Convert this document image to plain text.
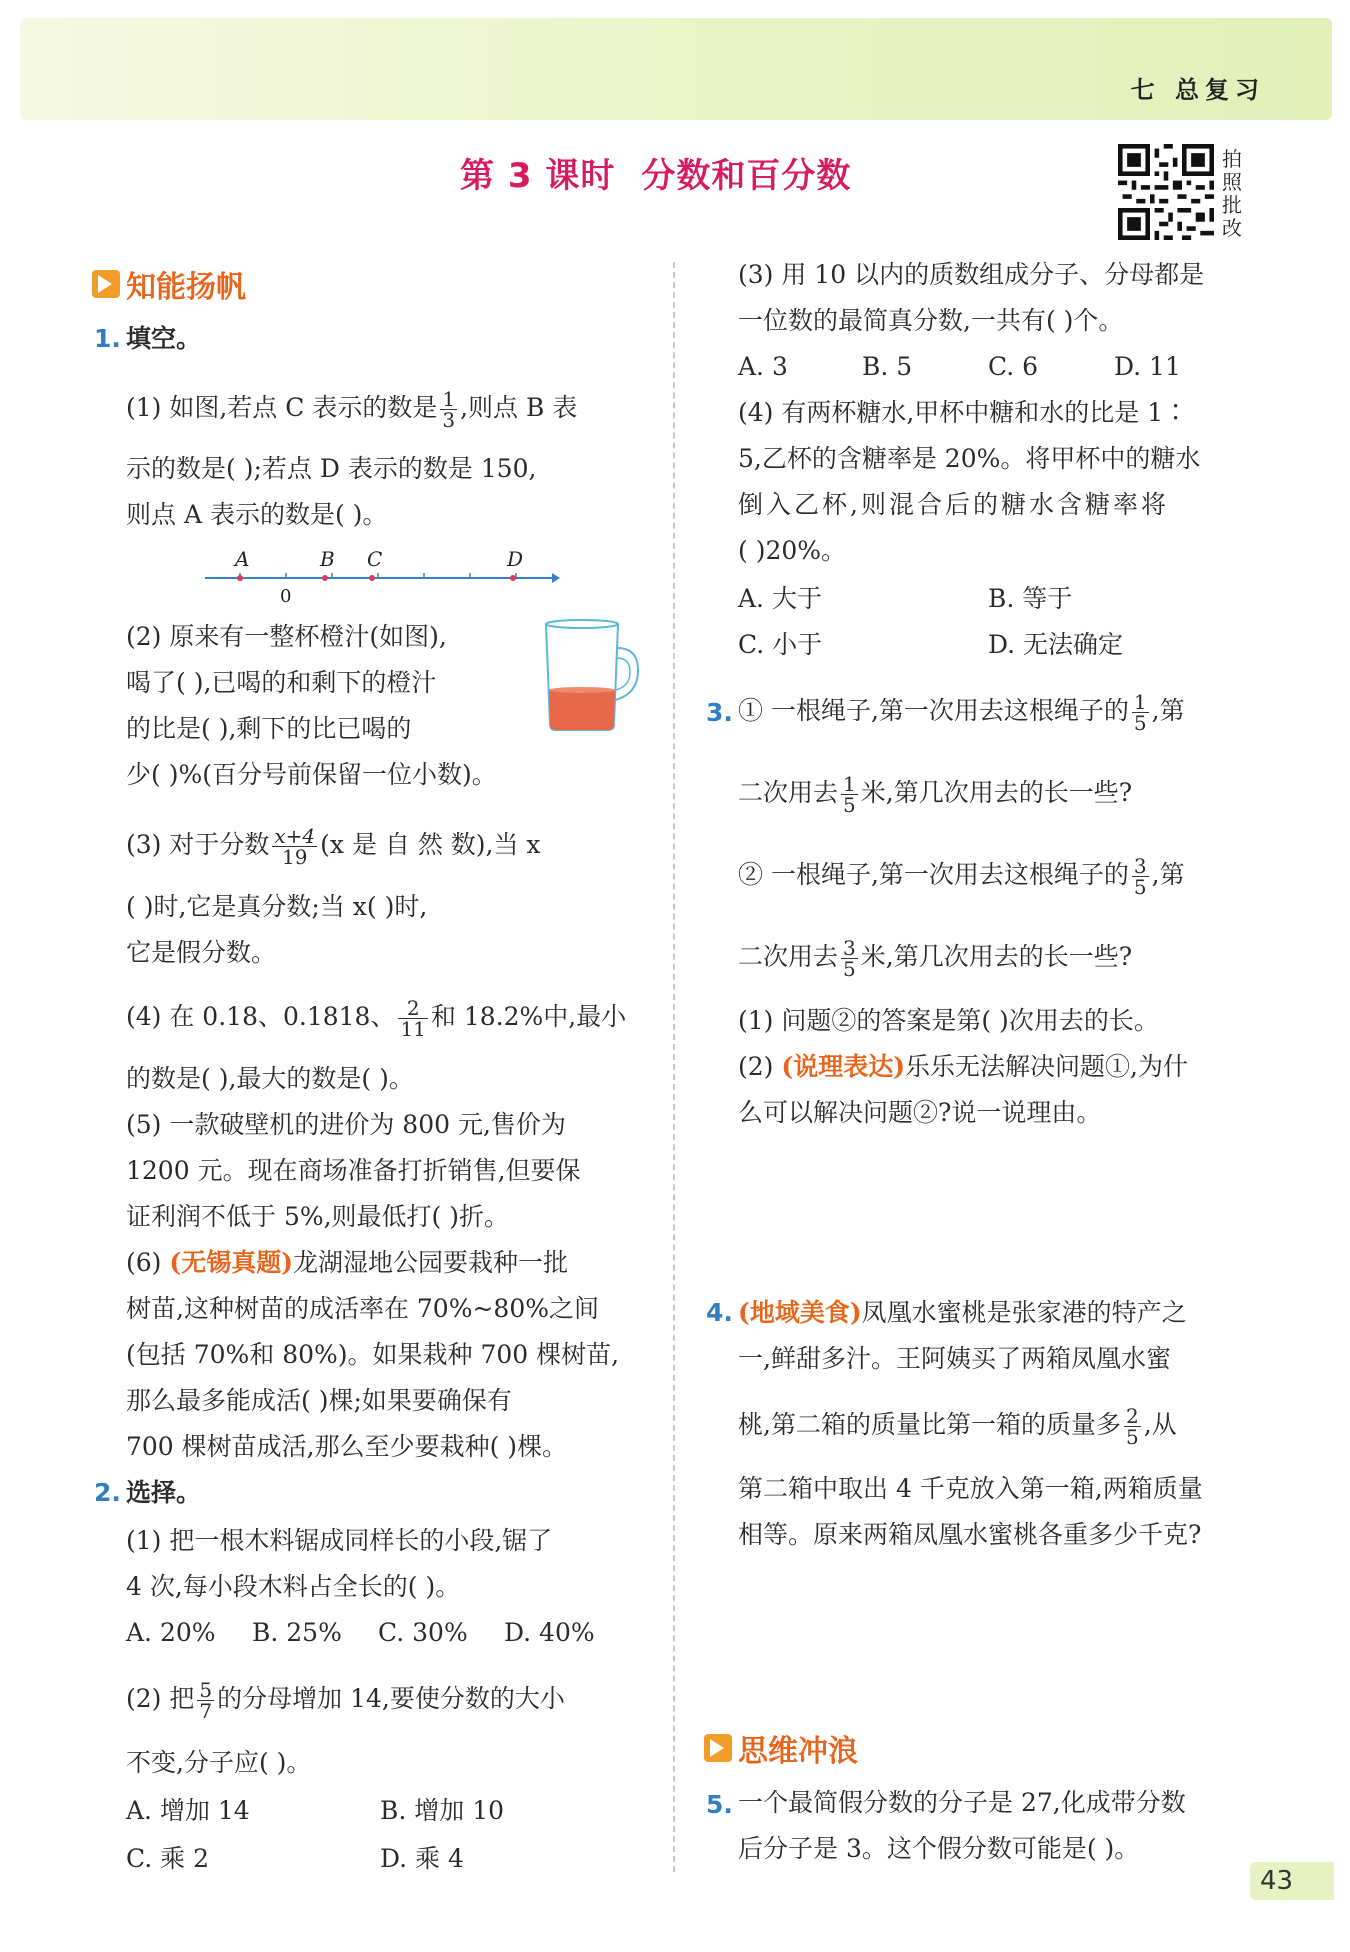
七 总复习
第 3 课时 分数和百分数	拍照批改
知能扬帆
1. 填空。
(1) 如图,若点 C 表示的数是 $\frac{1}{3}$ ,则点 B 表
示的数是( );若点 D 表示的数是 150,
则点 A 表示的数是( )。
A	B C	D
0
(2) 原来有一整杯橙汁(如图),
喝了( ),已喝的和剩下的橙汁
的比是( ),剩下的比已喝的
少( )%(百分号前保留一位小数)。
(3) 对于分数 $\frac{x+4}{19} (x$ 是 自 然 数),当 x
( )时,它是真分数;当 x( )时,
它是假分数。
(4) 在 0.18、0.1818、 $\frac{2}{11}$ 和 18.2%中,最小
的数是( ),最大的数是( )。
(5) 一款破壁机的进价为 800 元,售价为
1200 元。现在商场准备打折销售,但要保
证利润不低于 5%,则最低打( )折。
(6) (无锡真题)龙湖湿地公园要栽种一批
树苗,这种树苗的成活率在 70%~80%之间
(包括 70%和 80%)。如果栽种 700 棵树苗,
那么最多能成活( )棵;如果要确保有
700 棵树苗成活,那么至少要栽种( )棵。
2. 选择。
(1) 把一根木料锯成同样长的小段,锯了
4 次,每小段木料占全长的( )。
A. 20% B. 25% C. 30% D. 40%
(2) 把 $\frac{5}{7}$ 的分母增加 14,要使分数的大小
不变,分子应( )。
A. 增加 14	B. 增加 10
C. 乘 2	D. 乘 4
(3) 用 10 以内的质数组成分子、分母都是
一位数的最简真分数,一共有( )个。
A. 3	B. 5	C. 6	D. 11
(4) 有两杯糖水,甲杯中糖和水的比是 1∶
5,乙杯的含糖率是 20%。将甲杯中的糖水
倒入乙杯,则混合后的糖水含糖率将
( )20%。
A. 大于	B. 等于
C. 小于	D. 无法确定
3. ① 一根绳子,第一次用去这根绳子的 $\frac{1}{5}$ ,第
二次用去 $\frac{1}{5}$ 米,第几次用去的长一些?
② 一根绳子,第一次用去这根绳子的 $\frac{3}{5}$ ,第
二次用去 $\frac{3}{5}$ 米,第几次用去的长一些?
(1) 问题②的答案是第( )次用去的长。
(2) (说理表达)乐乐无法解决问题①,为什
么可以解决问题②?说一说理由。
4. (地域美食)凤凰水蜜桃是张家港的特产之
一,鲜甜多汁。王阿姨买了两箱凤凰水蜜
桃,第二箱的质量比第一箱的质量多 $\frac{2}{5}$ ,从
第二箱中取出 4 千克放入第一箱,两箱质量
相等。原来两箱凤凰水蜜桃各重多少千克?
思维冲浪
5. 一个最简假分数的分子是 27,化成带分数
后分子是 3。这个假分数可能是( )。
43
